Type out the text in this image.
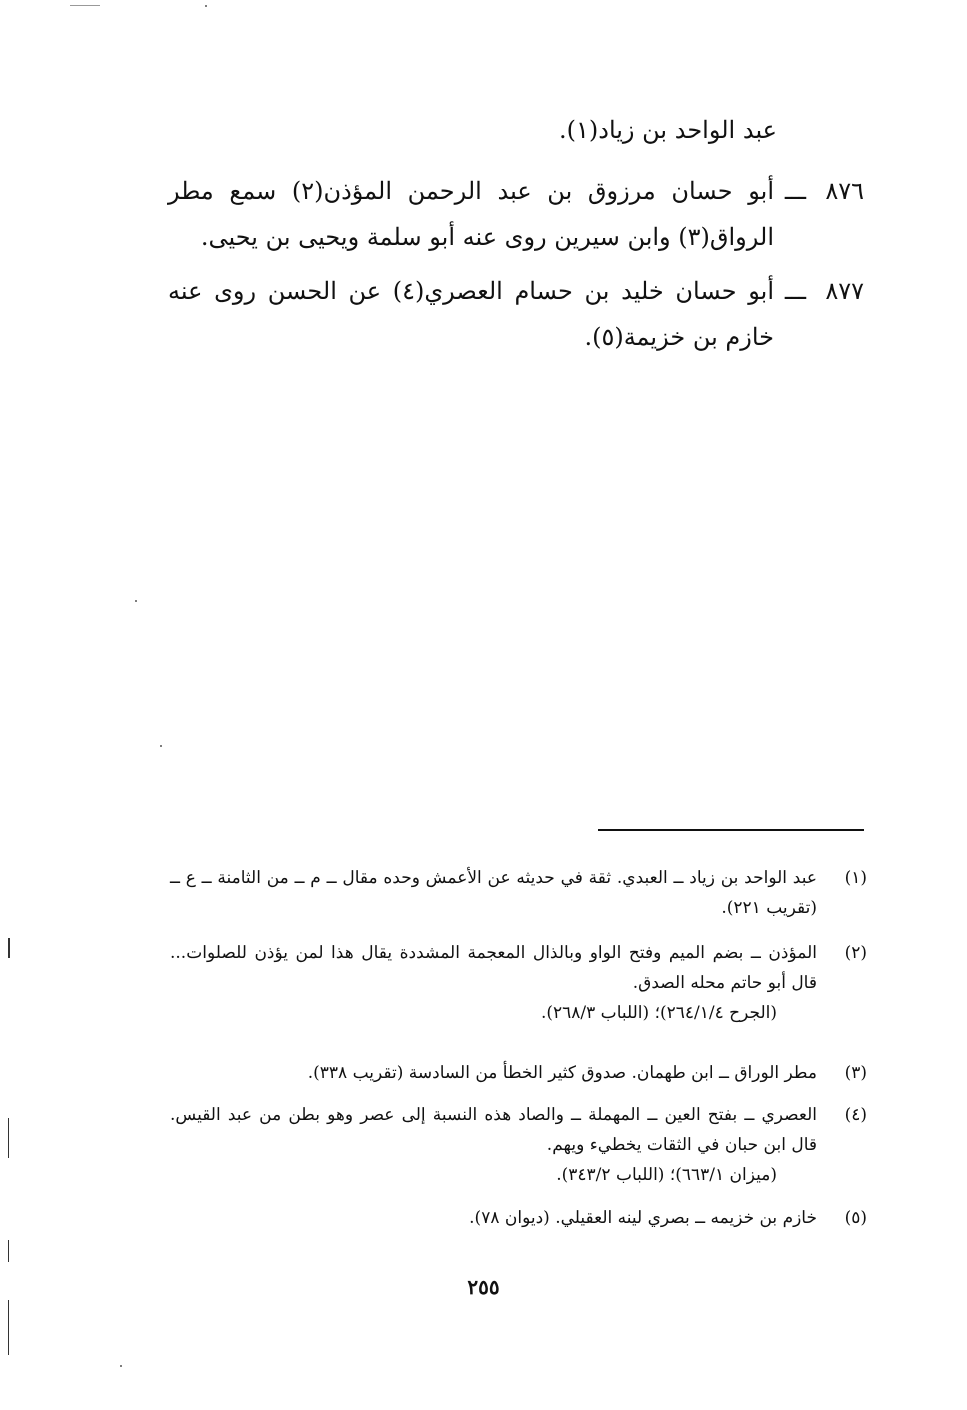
عبد الواحد بن زياد(١).
٨٧٦
ـــ
أبو حسان مرزوق بن عبد الرحمن المؤذن(٢) سمع مطر الرواق(٣) وابن سيرين روى عنه أبو سلمة ويحيى بن يحيى.
٨٧٧
ـــ
أبو حسان خليد بن حسام العصري(٤) عن الحسن روى عنه خازم بن خزيمة(٥).
(١)
عبد الواحد بن زياد ــ العبدي. ثقة في حديثه عن الأعمش وحده مقال ــ م ــ من الثامنة ــ ع ــ (تقريب ٢٢١).
(٢)
المؤذن ــ بضم الميم وفتح الواو وبالذال المعجمة المشددة يقال هذا لمن يؤذن للصلوات... قال أبو حاتم محله الصدق.
(الجرح ٢٦٤/١/٤)؛ (اللباب ٢٦٨/٣).
(٣)
مطر الوراق ــ ابن طهمان. صدوق كثير الخطأ من السادسة (تقريب ٣٣٨).
(٤)
العصري ــ بفتح العين ــ المهملة ــ والصاد هذه النسبة إلى عصر وهو بطن من عبد القيس. قال ابن حبان في الثقات يخطيء ويهم.
(ميزان ٦٦٣/١)؛ (اللباب ٣٤٣/٢).
(٥)
خازم بن خزيمه ــ بصري لينه العقيلي. (ديوان ٧٨).
٢٥٥
